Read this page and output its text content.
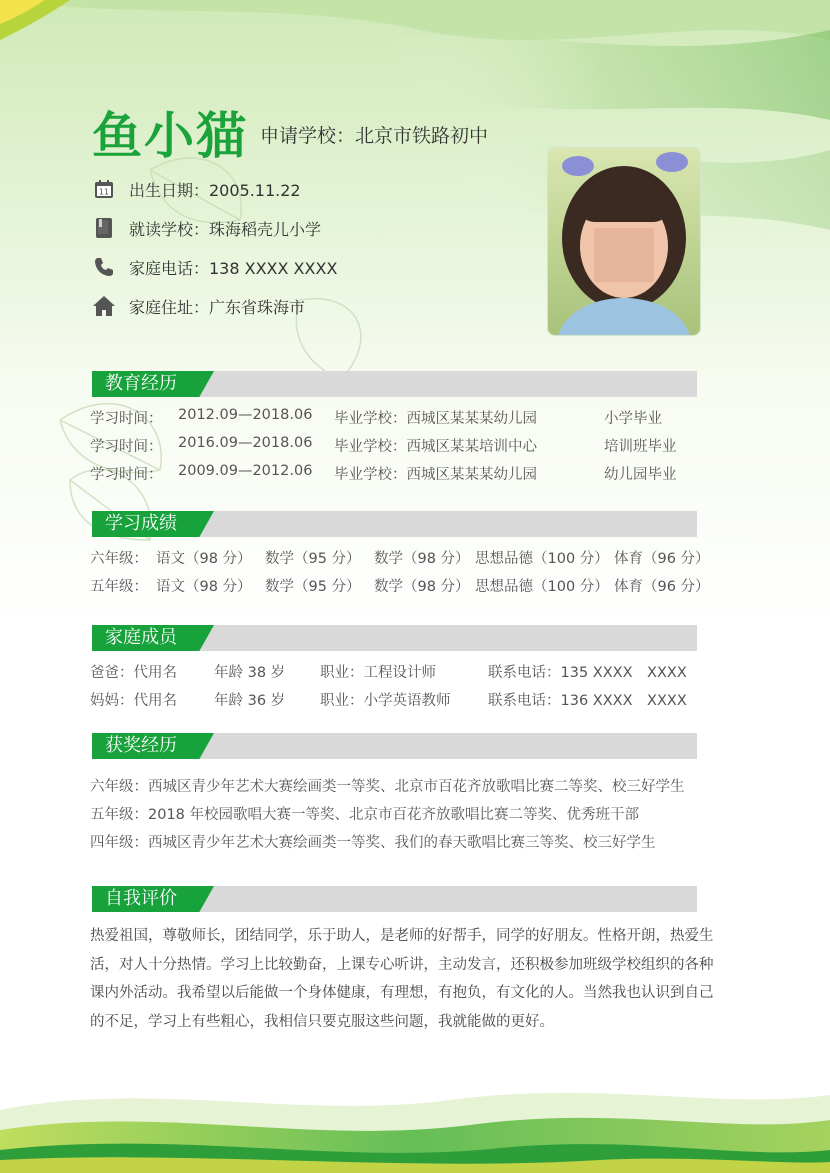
鱼小猫 申请学校：北京市铁路初中
11 出生日期：2005.11.22
就读学校：珠海稻壳儿小学
家庭电话：138 XXXX XXXX
家庭住址：广东省珠海市
教育经历
学习时间： 2012.09—2018.06 毕业学校：西城区某某某幼儿园	小学毕业
学习时间： 2016.09—2018.06 毕业学校：西城区某某培训中心	培训班毕业
学习时间： 2009.09—2012.06 毕业学校：西城区某某某幼儿园	幼儿园毕业
学习成绩
六年级： 语文（98 分） 数学（95 分） 数学（98 分） 思想品德（100 分） 体育（96 分）
五年级： 语文（98 分） 数学（95 分） 数学（98 分） 思想品德（100 分） 体育（96 分）
家庭成员
爸爸：代用名	年龄 38 岁 职业：工程设计师	联系电话：135 XXXX　XXXX
妈妈：代用名	年龄 36 岁 职业：小学英语教师	联系电话：136 XXXX　XXXX
获奖经历
六年级：西城区青少年艺术大赛绘画类一等奖、北京市百花齐放歌唱比赛二等奖、校三好学生
五年级：2018 年校园歌唱大赛一等奖、北京市百花齐放歌唱比赛二等奖、优秀班干部
四年级：西城区青少年艺术大赛绘画类一等奖、我们的春天歌唱比赛三等奖、校三好学生
自我评价
热爱祖国，尊敬师长，团结同学，乐于助人，是老师的好帮手，同学的好朋友。性格开朗，热爱生
活，对人十分热情。学习上比较勤奋，上课专心听讲，主动发言，还积极参加班级学校组织的各种
课内外活动。我希望以后能做一个身体健康，有理想，有抱负，有文化的人。当然我也认识到自己
的不足，学习上有些粗心，我相信只要克服这些问题，我就能做的更好。
